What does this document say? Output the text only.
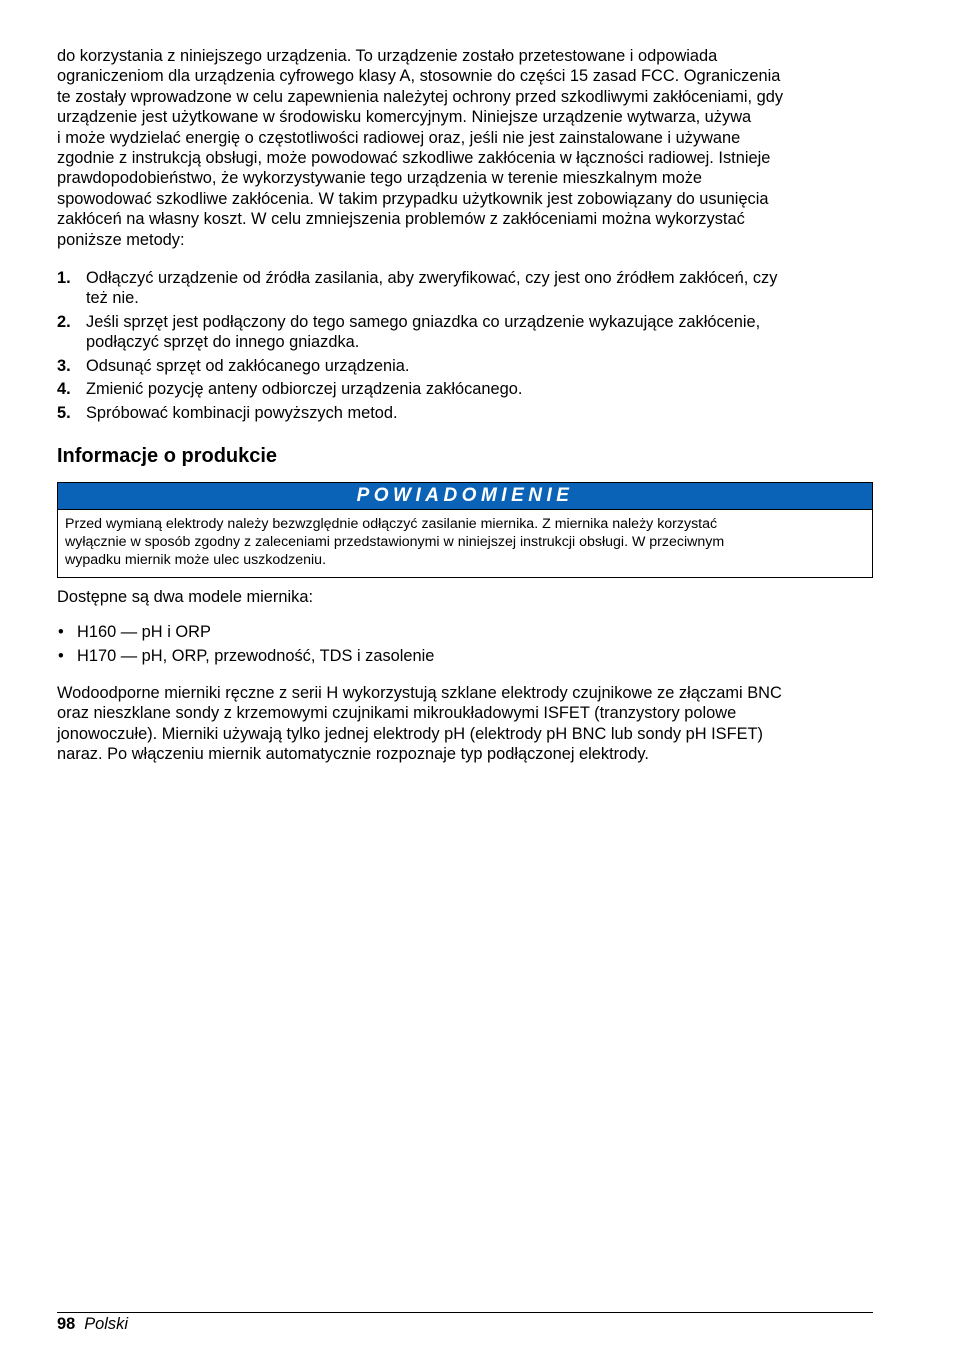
do korzystania z niniejszego urządzenia. To urządzenie zostało przetestowane i odpowiada
ograniczeniom dla urządzenia cyfrowego klasy A, stosownie do części 15 zasad FCC. Ograniczenia
te zostały wprowadzone w celu zapewnienia należytej ochrony przed szkodliwymi zakłóceniami, gdy
urządzenie jest użytkowane w środowisku komercyjnym. Niniejsze urządzenie wytwarza, używa
i może wydzielać energię o częstotliwości radiowej oraz, jeśli nie jest zainstalowane i używane
zgodnie z instrukcją obsługi, może powodować szkodliwe zakłócenia w łączności radiowej. Istnieje
prawdopodobieństwo, że wykorzystywanie tego urządzenia w terenie mieszkalnym może
spowodować szkodliwe zakłócenia. W takim przypadku użytkownik jest zobowiązany do usunięcia
zakłóceń na własny koszt. W celu zmniejszenia problemów z zakłóceniami można wykorzystać
poniższe metody:

1. Odłączyć urządzenie od źródła zasilania, aby zweryfikować, czy jest ono źródłem zakłóceń, czy
też nie.
2. Jeśli sprzęt jest podłączony do tego samego gniazdka co urządzenie wykazujące zakłócenie,
podłączyć sprzęt do innego gniazdka.
3. Odsunąć sprzęt od zakłócanego urządzenia.
4. Zmienić pozycję anteny odbiorczej urządzenia zakłócanego.
5. Spróbować kombinacji powyższych metod.
Informacje o produkcie
POWIADOMIENIE
Przed wymianą elektrody należy bezwzględnie odłączyć zasilanie miernika. Z miernika należy korzystać
wyłącznie w sposób zgodny z zaleceniami przedstawionymi w niniejszej instrukcji obsługi. W przeciwnym
wypadku miernik może ulec uszkodzeniu.

Dostępne są dwa modele miernika:

• H160 — pH i ORP
• H170 — pH, ORP, przewodność, TDS i zasolenie

Wodoodporne mierniki ręczne z serii H wykorzystują szklane elektrody czujnikowe ze złączami BNC
oraz nieszklane sondy z krzemowymi czujnikami mikroukładowymi ISFET (tranzystory polowe
jonowoczułe). Mierniki używają tylko jednej elektrody pH (elektrody pH BNC lub sondy pH ISFET)
naraz. Po włączeniu miernik automatycznie rozpoznaje typ podłączonej elektrody.

98 Polski
